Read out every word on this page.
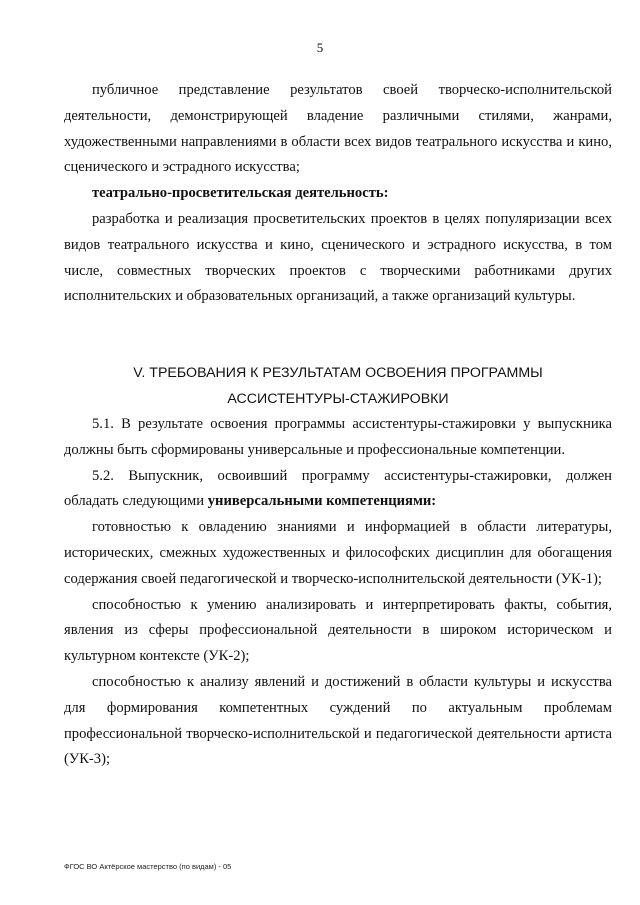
5

публичное представление результатов своей творческо-исполнительской деятельности, демонстрирующей владение различными стилями, жанрами, художественными направлениями в области всех видов театрального искусства и кино, сценического и эстрадного искусства;

театрально-просветительская деятельность:

разработка и реализация просветительских проектов в целях популяризации всех видов театрального искусства и кино, сценического и эстрадного искусства, в том числе, совместных творческих проектов с творческими работниками других исполнительских и образовательных организаций, а также организаций культуры.

V. ТРЕБОВАНИЯ К РЕЗУЛЬТАТАМ ОСВОЕНИЯ ПРОГРАММЫ
АССИСТЕНТУРЫ-СТАЖИРОВКИ

5.1. В результате освоения программы ассистентуры-стажировки у выпускника должны быть сформированы универсальные и профессиональные компетенции.

5.2. Выпускник, освоивший программу ассистентуры-стажировки, должен обладать следующими универсальными компетенциями:

готовностью к овладению знаниями и информацией в области литературы, исторических, смежных художественных и философских дисциплин для обогащения содержания своей педагогической и творческо-исполнительской деятельности (УК-1);

способностью к умению анализировать и интерпретировать факты, события, явления из сферы профессиональной деятельности в широком историческом и культурном контексте (УК-2);

способностью к анализу явлений и достижений в области культуры и искусства для формирования компетентных суждений по актуальным проблемам профессиональной творческо-исполнительской и педагогической деятельности артиста (УК-3);

ФГОС ВО Актёрское мастерство (по видам) - 05
